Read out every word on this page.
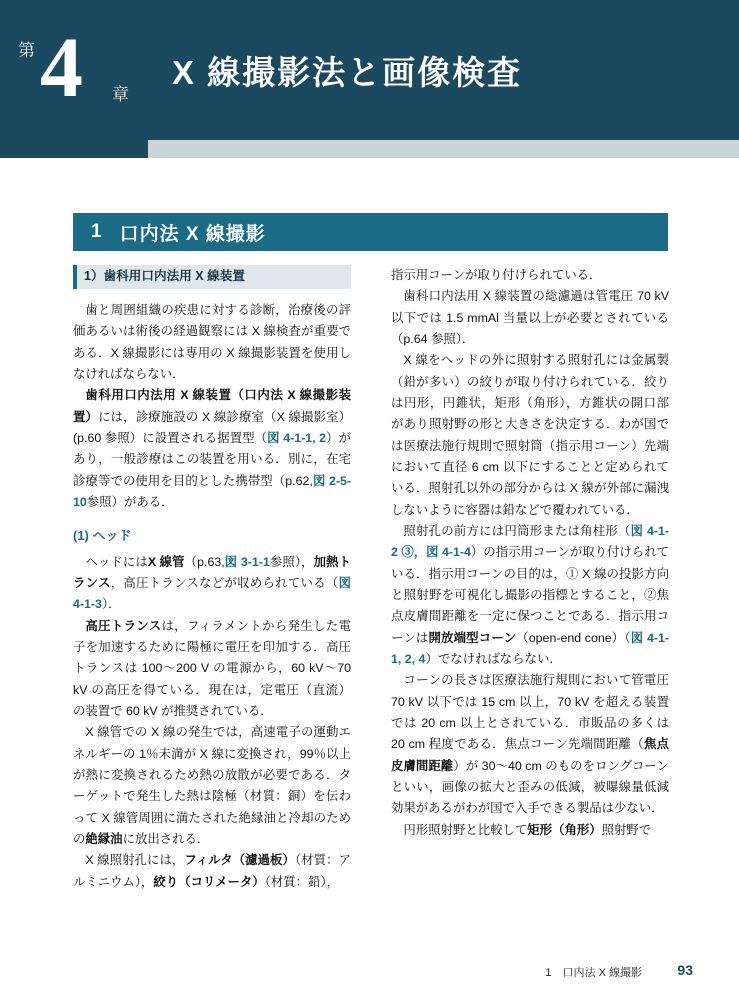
第 4 章
X 線撮影法と画像検査
1 口内法 X 線撮影
1）歯科用口内法用 X 線装置

歯と周囲組織の疾患に対する診断，治療後の評価あるいは術後の経過観察には X 線検査が重要である．X 線撮影には専用の X 線撮影装置を使用しなければならない．

歯科用口内法用 X 線装置（口内法 X 線撮影装置）には，診療施設の X 線診療室（X 線撮影室）(p.60 参照）に設置される据置型（図 4-1-1, 2）があり，一般診療はこの装置を用いる．別に，在宅診療等での使用を目的とした携帯型（p.62,図 2-5-10参照）がある．

(1) ヘッド

ヘッドにはX 線管（p.63,図 3-1-1参照），加熱トランス，高圧トランスなどが収められている（図 4-1-3）．

高圧トランスは，フィラメントから発生した電子を加速するために陽極に電圧を印加する．高圧トランスは 100～200 V の電源から，60 kV～70 kV の高圧を得ている．現在は，定電圧（直流）の装置で 60 kV が推奨されている．

X 線管での X 線の発生では，高速電子の運動エネルギーの 1％未満が X 線に変換され，99％以上が熱に変換されるため熱の放散が必要である．ターゲットで発生した熱は陰極（材質：銅）を伝わって X 線管周囲に満たされた絶縁油と冷却のための絶縁油に放出される．

X 線照射孔には，フィルタ（濾過板）（材質：アルミニウム），絞り（コリメータ）（材質：鉛），

指示用コーンが取り付けられている．

歯科口内法用 X 線装置の総濾過は管電圧 70 kV 以下では 1.5 mmAl 当量以上が必要とされている（p.64 参照）．

X 線をヘッドの外に照射する照射孔には金属製（鉛が多い）の絞りが取り付けられている．絞りは円形，円錐状，矩形（角形），方錐状の開口部があり照射野の形と大きさを決定する．わが国では医療法施行規則で照射筒（指示用コーン）先端において直径 6 cm 以下にすることと定められている．照射孔以外の部分からは X 線が外部に漏洩しないように容器は鉛などで覆われている．

照射孔の前方には円筒形または角柱形（図 4-1-2 ③，図 4-1-4）の指示用コーンが取り付けられている．指示用コーンの目的は，① X 線の投影方向と照射野を可視化し撮影の指標とすること，②焦点皮膚間距離を一定に保つことである．指示用コーンは開放端型コーン（open-end cone）（図 4-1-1, 2, 4）でなければならない．

コーンの長さは医療法施行規則において管電圧 70 kV 以下では 15 cm 以上，70 kV を超える装置では 20 cm 以上とされている．市販品の多くは 20 cm 程度である．焦点コーン先端間距離（焦点皮膚間距離）が 30～40 cm のものをロングコーンといい，画像の拡大と歪みの低減，被曝線量低減効果があるがわが国で入手できる製品は少ない．

円形照射野と比較して矩形（角形）照射野で

1　口内法 X 線撮影	93
